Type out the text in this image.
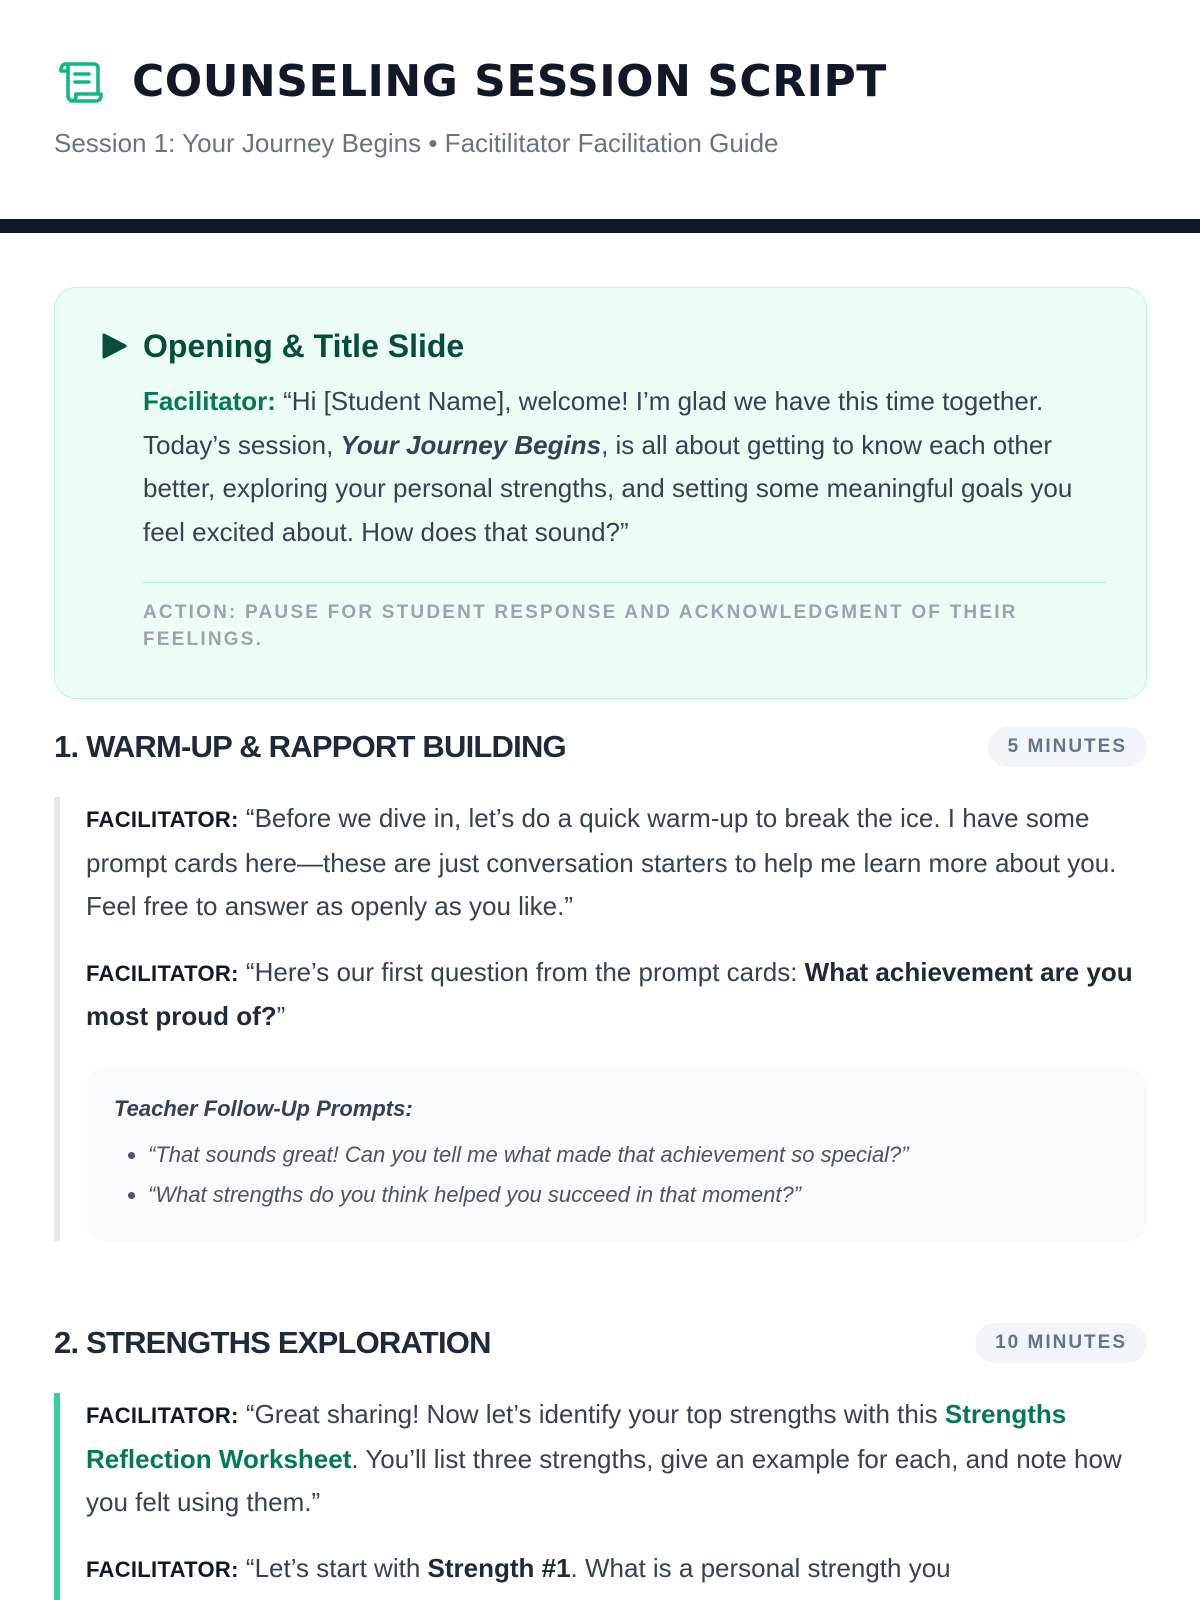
COUNSELING SESSION SCRIPT
Session 1: Your Journey Begins • Facitilitator Facilitation Guide
Opening & Title Slide

Facilitator: “Hi [Student Name], welcome! I’m glad we have this time together. Today’s session, Your Journey Begins, is all about getting to know each other better, exploring your personal strengths, and setting some meaningful goals you feel excited about. How does that sound?”

ACTION: PAUSE FOR STUDENT RESPONSE AND ACKNOWLEDGMENT OF THEIR FEELINGS.
1. WARM-UP & RAPPORT BUILDING	5 MINUTES

FACILITATOR: “Before we dive in, let’s do a quick warm-up to break the ice. I have some prompt cards here—these are just conversation starters to help me learn more about you. Feel free to answer as openly as you like.”

FACILITATOR: “Here’s our first question from the prompt cards: What achievement are you most proud of?”

Teacher Follow-Up Prompts:
• “That sounds great! Can you tell me what made that achievement so special?”
• “What strengths do you think helped you succeed in that moment?”
2. STRENGTHS EXPLORATION	10 MINUTES

FACILITATOR: “Great sharing! Now let’s identify your top strengths with this Strengths Reflection Worksheet. You’ll list three strengths, give an example for each, and note how you felt using them.”

FACILITATOR: “Let’s start with Strength #1. What is a personal strength you
